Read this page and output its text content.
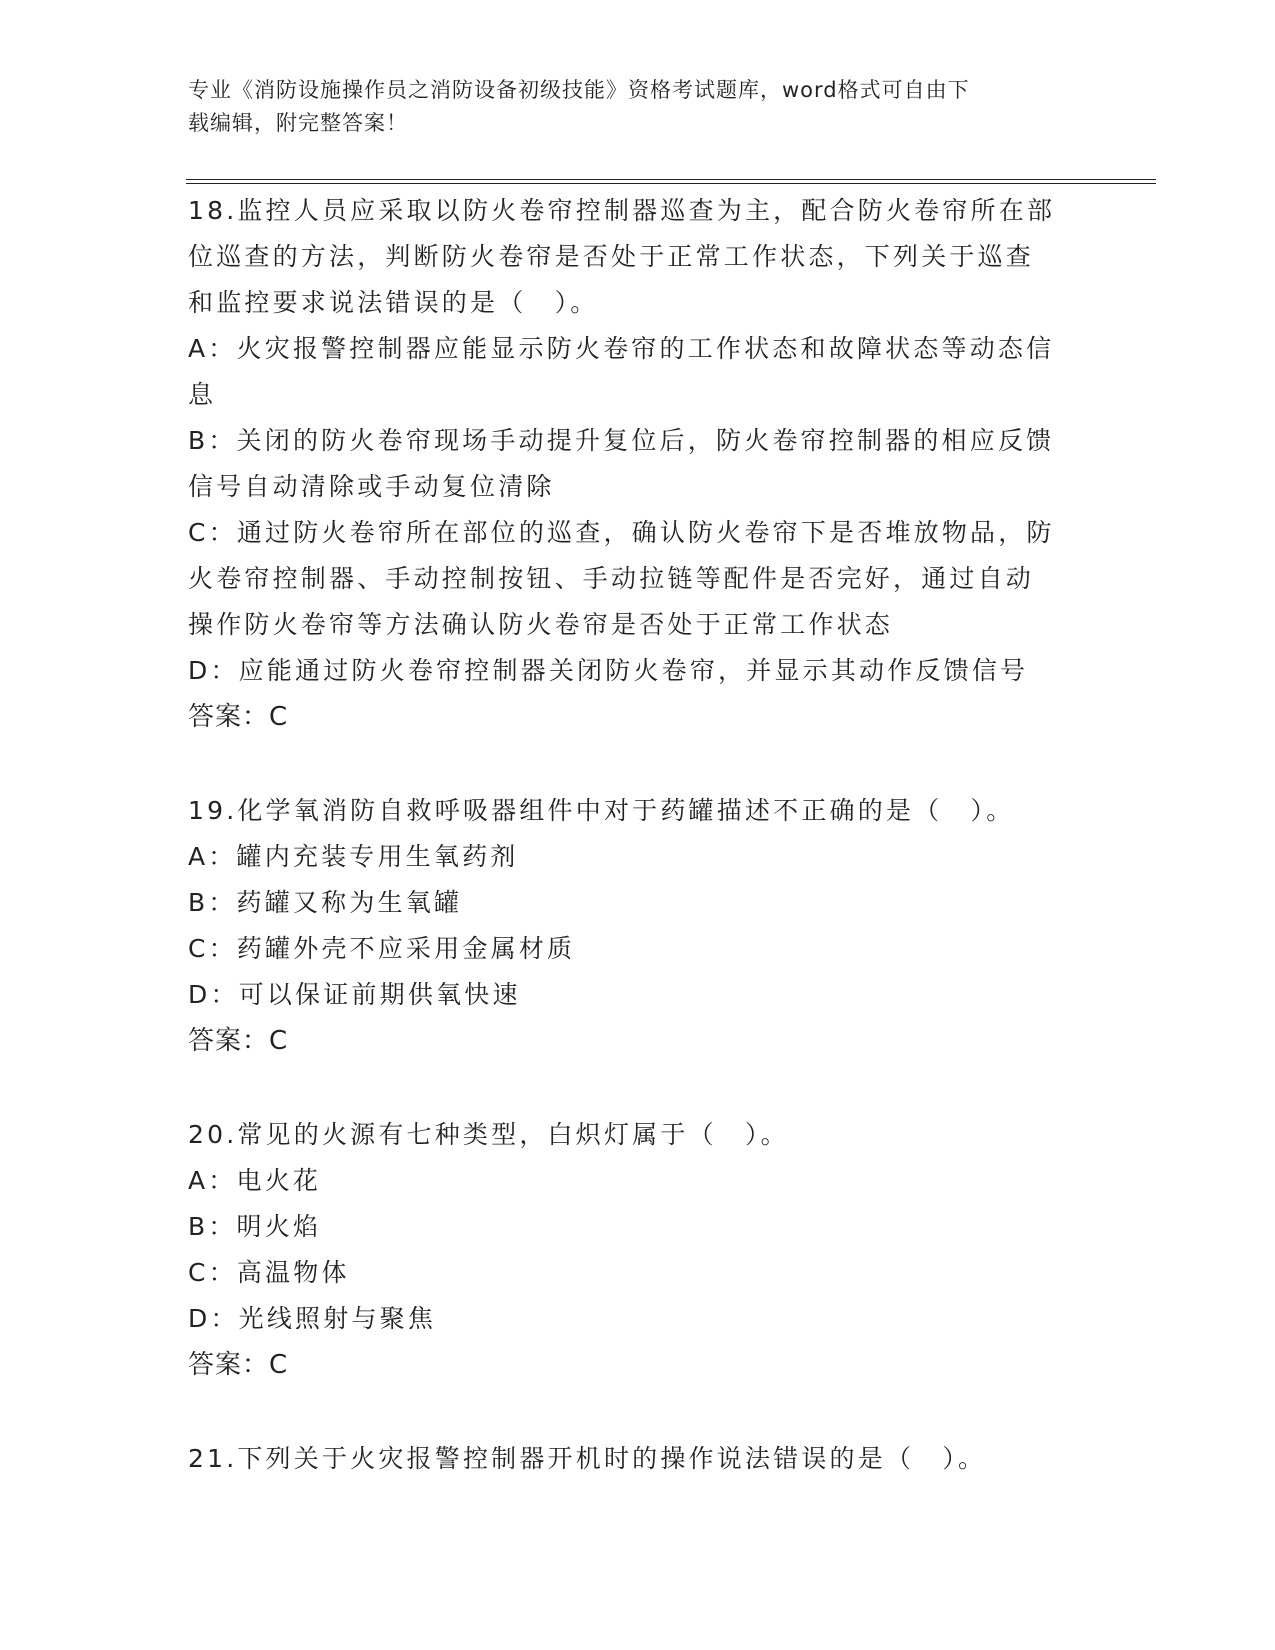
专业《消防设施操作员之消防设备初级技能》资格考试题库，word格式可自由下
载编辑，附完整答案！
18.监控人员应采取以防火卷帘控制器巡查为主，配合防火卷帘所在部
位巡查的方法，判断防火卷帘是否处于正常工作状态，下列关于巡查
和监控要求说法错误的是（　）。
A：火灾报警控制器应能显示防火卷帘的工作状态和故障状态等动态信
息
B：关闭的防火卷帘现场手动提升复位后，防火卷帘控制器的相应反馈
信号自动清除或手动复位清除
C：通过防火卷帘所在部位的巡查，确认防火卷帘下是否堆放物品，防
火卷帘控制器、手动控制按钮、手动拉链等配件是否完好，通过自动
操作防火卷帘等方法确认防火卷帘是否处于正常工作状态
D：应能通过防火卷帘控制器关闭防火卷帘，并显示其动作反馈信号
答案：C
19.化学氧消防自救呼吸器组件中对于药罐描述不正确的是（　）。
A：罐内充装专用生氧药剂
B：药罐又称为生氧罐
C：药罐外壳不应采用金属材质
D：可以保证前期供氧快速
答案：C
20.常见的火源有七种类型，白炽灯属于（　）。
A：电火花
B：明火焰
C：高温物体
D：光线照射与聚焦
答案：C
21.下列关于火灾报警控制器开机时的操作说法错误的是（　）。
